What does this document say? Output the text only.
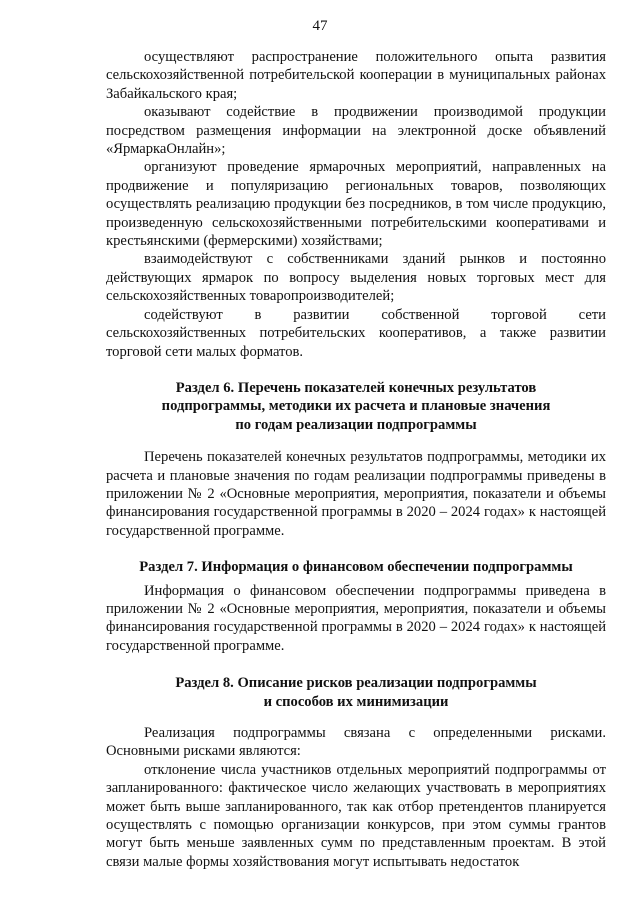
47

осуществляют распространение положительного опыта развития сельскохозяйственной потребительской кооперации в муниципальных районах Забайкальского края;

оказывают содействие в продвижении производимой продукции посредством размещения информации на электронной доске объявлений «ЯрмаркаОнлайн»;

организуют проведение ярмарочных мероприятий, направленных на продвижение и популяризацию региональных товаров, позволяющих осуществлять реализацию продукции без посредников, в том числе продукцию, произведенную сельскохозяйственными потребительскими кооперативами и крестьянскими (фермерскими) хозяйствами;

взаимодействуют с собственниками зданий рынков и постоянно действующих ярмарок по вопросу выделения новых торговых мест для сельскохозяйственных товаропроизводителей;

содействуют в развитии собственной торговой сети сельскохозяйственных потребительских кооперативов, а также развитии торговой сети малых форматов.

Раздел 6. Перечень показателей конечных результатов
подпрограммы, методики их расчета и плановые значения
по годам реализации подпрограммы

Перечень показателей конечных результатов подпрограммы, методики их расчета и плановые значения по годам реализации подпрограммы приведены в приложении № 2 «Основные мероприятия, мероприятия, показатели и объемы финансирования государственной программы в 2020 – 2024 годах» к настоящей государственной программе.

Раздел 7. Информация о финансовом обеспечении подпрограммы

Информация о финансовом обеспечении подпрограммы приведена в приложении № 2 «Основные мероприятия, мероприятия, показатели и объемы финансирования государственной программы в 2020 – 2024 годах» к настоящей государственной программе.

Раздел 8. Описание рисков реализации подпрограммы
и способов их минимизации

Реализация подпрограммы связана с определенными рисками. Основными рисками являются:

отклонение числа участников отдельных мероприятий подпрограммы от запланированного: фактическое число желающих участвовать в мероприятиях может быть выше запланированного, так как отбор претендентов планируется осуществлять с помощью организации конкурсов, при этом суммы грантов могут быть меньше заявленных сумм по представленным проектам. В этой связи малые формы хозяйствования могут испытывать недостаток
